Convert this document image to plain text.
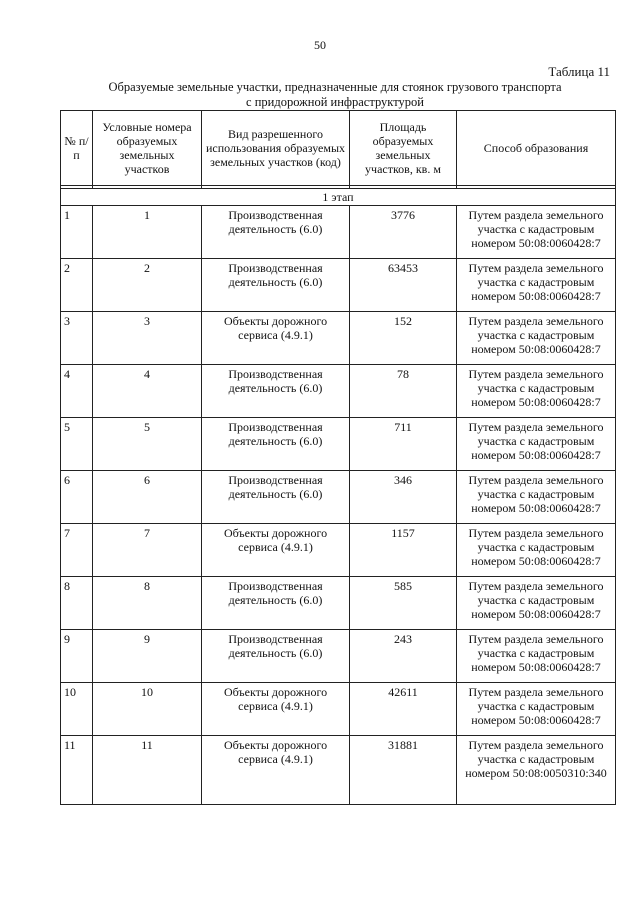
50
Таблица 11
Образуемые земельные участки, предназначенные для стоянок грузового транспорта
с придорожной инфраструктурой
№ п/п	Условные номера образуемых земельных участков	Вид разрешенного использования образуемых земельных участков (код)	Площадь образуемых земельных участков, кв. м	Способ образования

1 этап				
1	1	Производственная деятельность (6.0)	3776	Путем раздела земельного участка с кадастровым номером 50:08:0060428:7
2	2	Производственная деятельность (6.0)	63453	Путем раздела земельного участка с кадастровым номером 50:08:0060428:7
3	3	Объекты дорожного сервиса (4.9.1)	152	Путем раздела земельного участка с кадастровым номером 50:08:0060428:7
4	4	Производственная деятельность (6.0)	78	Путем раздела земельного участка с кадастровым номером 50:08:0060428:7
5	5	Производственная деятельность (6.0)	711	Путем раздела земельного участка с кадастровым номером 50:08:0060428:7
6	6	Производственная деятельность (6.0)	346	Путем раздела земельного участка с кадастровым номером 50:08:0060428:7
7	7	Объекты дорожного сервиса (4.9.1)	1157	Путем раздела земельного участка с кадастровым номером 50:08:0060428:7
8	8	Производственная деятельность (6.0)	585	Путем раздела земельного участка с кадастровым номером 50:08:0060428:7
9	9	Производственная деятельность (6.0)	243	Путем раздела земельного участка с кадастровым номером 50:08:0060428:7
10	10	Объекты дорожного сервиса (4.9.1)	42611	Путем раздела земельного участка с кадастровым номером 50:08:0060428:7
11	11	Объекты дорожного сервиса (4.9.1)	31881	Путем раздела земельного участка с кадастровым номером 50:08:0050310:340
